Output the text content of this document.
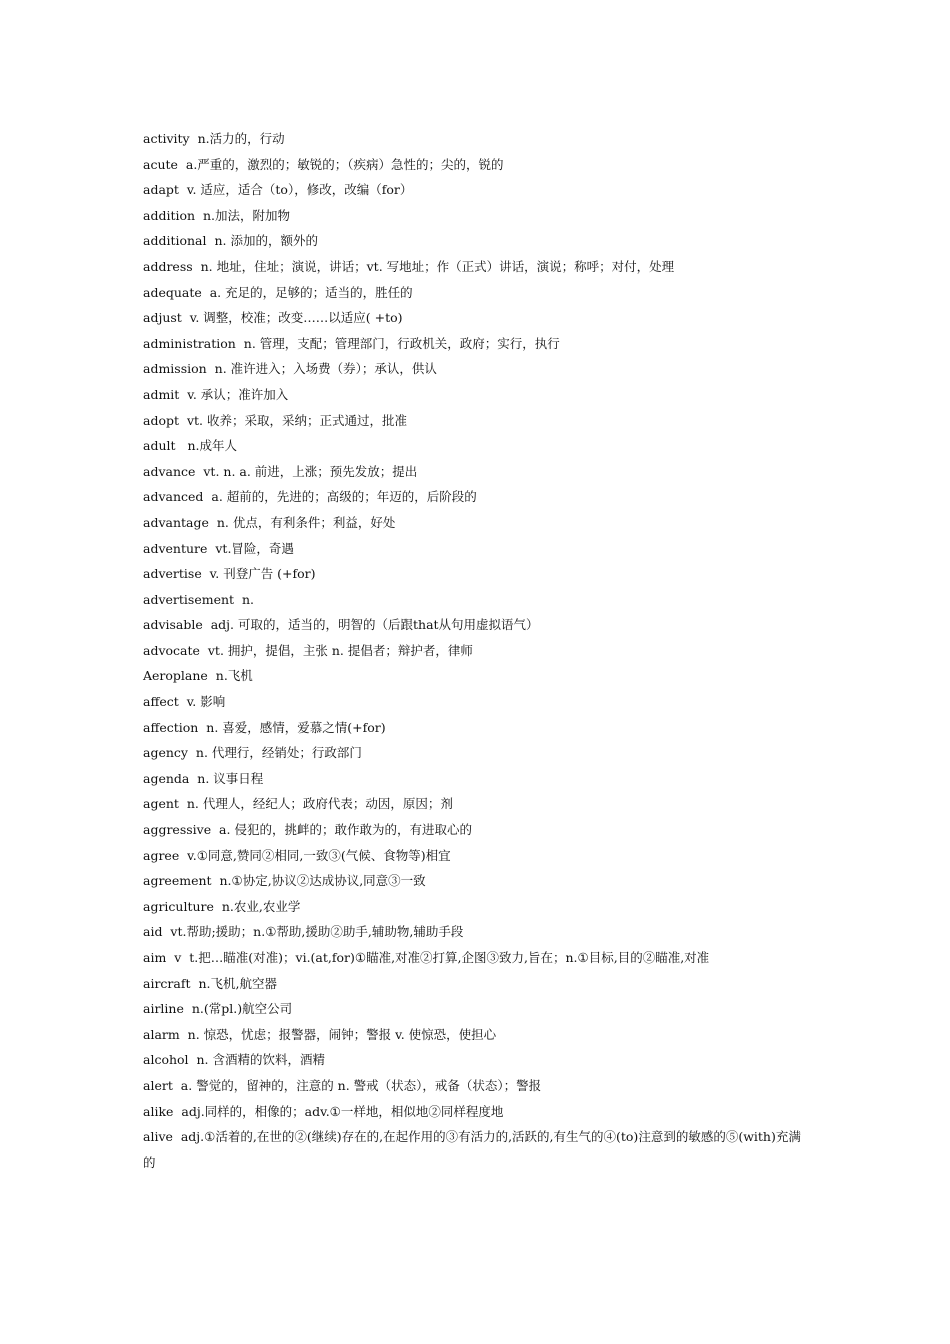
activity  n.活力的，行动
acute  a.严重的，激烈的；敏锐的；（疾病）急性的；尖的，锐的
adapt  v. 适应，适合（to），修改，改编（for）
addition  n.加法，附加物
additional  n. 添加的，额外的
address  n. 地址，住址；演说，讲话；vt. 写地址；作（正式）讲话，演说；称呼；对付，处理
adequate  a. 充足的，足够的；适当的，胜任的
adjust  v. 调整，校准；改变……以适应( +to)
administration  n. 管理，支配；管理部门，行政机关，政府；实行，执行
admission  n. 准许进入；入场费（券）；承认，供认
admit  v. 承认；准许加入
adopt  vt. 收养；采取，采纳；正式通过，批准
adult   n.成年人
advance  vt. n. a. 前进，上涨；预先发放；提出
advanced  a. 超前的，先进的；高级的；年迈的，后阶段的
advantage  n. 优点，有利条件；利益，好处
adventure  vt.冒险，奇遇
advertise  v. 刊登广告 (+for)
advertisement  n.
advisable  adj. 可取的，适当的，明智的（后跟that从句用虚拟语气）
advocate  vt. 拥护，提倡，主张 n. 提倡者；辩护者，律师
Aeroplane  n.飞机
affect  v. 影响
affection  n. 喜爱，感情，爱慕之情(+for)
agency  n. 代理行，经销处；行政部门
agenda  n. 议事日程
agent  n. 代理人，经纪人；政府代表；动因，原因；剂
aggressive  a. 侵犯的，挑衅的；敢作敢为的，有进取心的
agree  v.①同意,赞同②相同,一致③(气候、食物等)相宜
agreement  n.①协定,协议②达成协议,同意③一致
agriculture  n.农业,农业学
aid  vt.帮助;援助；n.①帮助,援助②助手,辅助物,辅助手段
aim  v  t.把…瞄准(对准)；vi.(at,for)①瞄准,对准②打算,企图③致力,旨在；n.①目标,目的②瞄准,对准
aircraft  n.飞机,航空器
airline  n.(常pl.)航空公司
alarm  n. 惊恐，忧虑；报警器，闹钟；警报 v. 使惊恐，使担心
alcohol  n. 含酒精的饮料，酒精
alert  a. 警觉的，留神的，注意的 n. 警戒（状态），戒备（状态）；警报
alike  adj.同样的，相像的；adv.①一样地，相似地②同样程度地
alive  adj.①活着的,在世的②(继续)存在的,在起作用的③有活力的,活跃的,有生气的④(to)注意到的敏感的⑤(with)充满的
